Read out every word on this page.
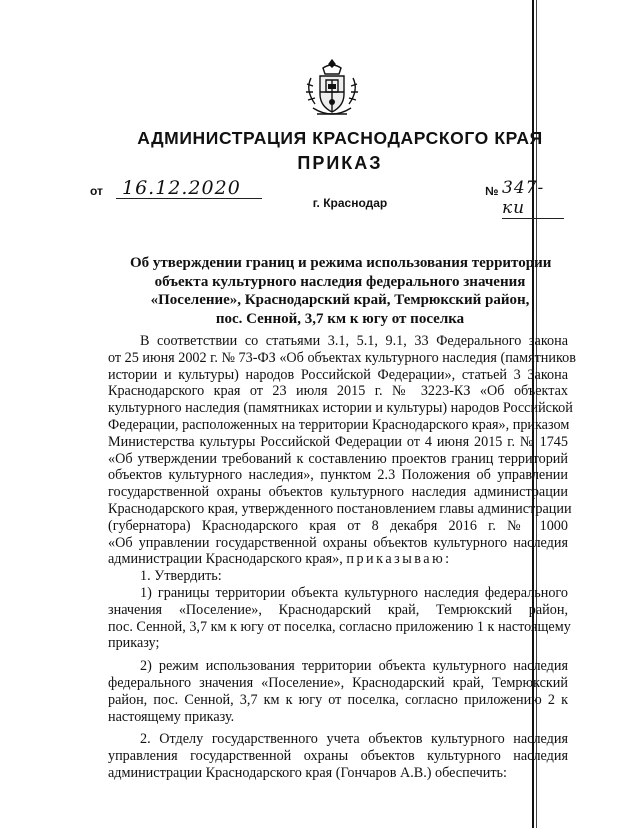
АДМИНИСТРАЦИЯ КРАСНОДАРСКОГО КРАЯ
ПРИКАЗ
от	16.12.2020	№ 347-ки
г. Краснодар
Об утверждении границ и режима использования территории
объекта культурного наследия федерального значения
«Поселение», Краснодарский край, Темрюкский район,
пос. Сенной, 3,7 км к югу от поселка
В соответствии со статьями 3.1, 5.1, 9.1, 33 Федерального закона
от 25 июня 2002 г. № 73-ФЗ «Об объектах культурного наследия (памятников
истории и культуры) народов Российской Федерации», статьей 3 Закона
Краснодарского края от 23 июля 2015 г. № 3223-КЗ «Об объектах
культурного наследия (памятниках истории и культуры) народов Российской
Федерации, расположенных на территории Краснодарского края», приказом
Министерства культуры Российской Федерации от 4 июня 2015 г. № 1745
«Об утверждении требований к составлению проектов границ территорий
объектов культурного наследия», пунктом 2.3 Положения об управлении
государственной охраны объектов культурного наследия администрации
Краснодарского края, утвержденного постановлением главы администрации
(губернатора) Краснодарского края от 8 декабря 2016 г. № 1000
«Об управлении государственной охраны объектов культурного наследия
администрации Краснодарского края», приказываю:
1. Утвердить:
1) границы территории объекта культурного наследия федерального
значения «Поселение», Краснодарский край, Темрюкский район,
пос. Сенной, 3,7 км к югу от поселка, согласно приложению 1 к настоящему
приказу;
2) режим использования территории объекта культурного наследия
федерального значения «Поселение», Краснодарский край, Темрюкский
район, пос. Сенной, 3,7 км к югу от поселка, согласно приложению 2 к
настоящему приказу.
2. Отделу государственного учета объектов культурного наследия
управления государственной охраны объектов культурного наследия
администрации Краснодарского края (Гончаров А.В.) обеспечить:
